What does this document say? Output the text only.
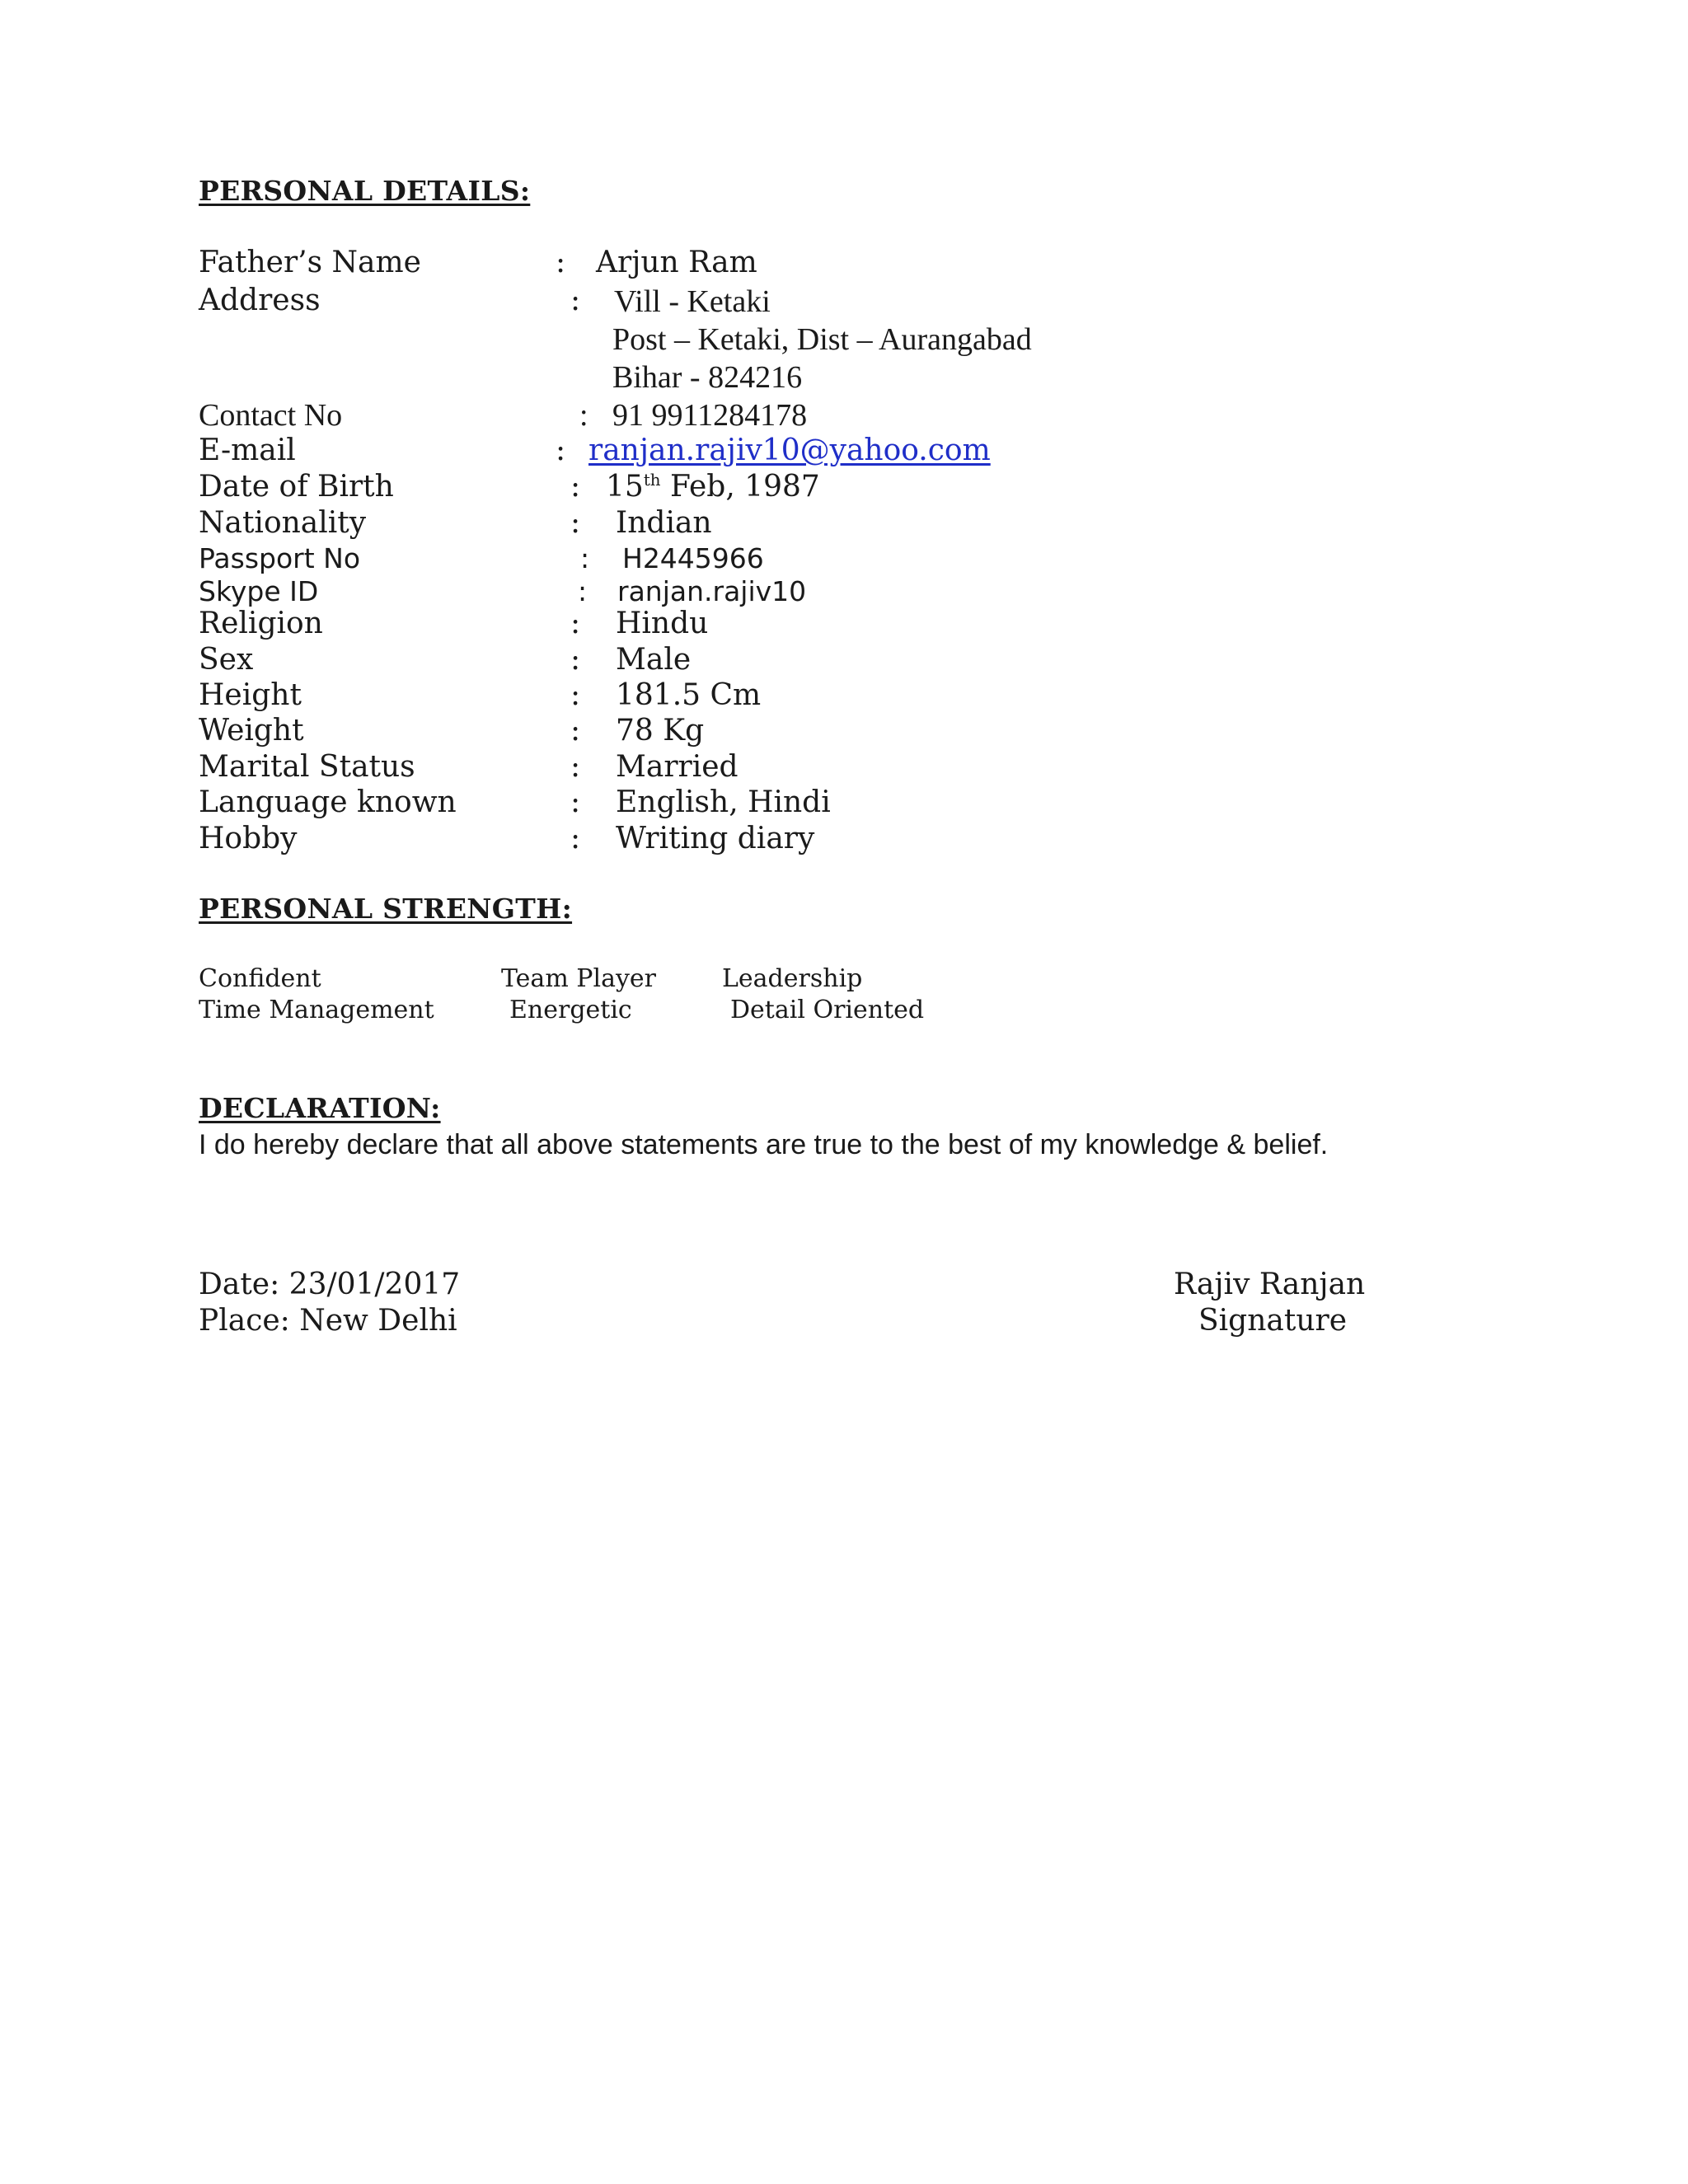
PERSONAL DETAILS:
Father’s Name	: Arjun Ram
Address	: Vill - Ketaki
Post – Ketaki, Dist – Aurangabad
Bihar - 824216
Contact No	: 91 9911284178
E-mail	: ranjan.rajiv10@yahoo.com
Date of Birth	: 15th Feb, 1987
Nationality	: Indian
Passport No	: H2445966
Skype ID	: ranjan.rajiv10
Religion	: Hindu
Sex	: Male
Height	: 181.5 Cm
Weight	: 78 Kg
Marital Status	: Married
Language known	: English, Hindi
Hobby	: Writing diary
PERSONAL STRENGTH:
Confident	Team Player	Leadership
Time Management	Energetic	Detail Oriented
DECLARATION:

I do hereby declare that all above statements are true to the best of my knowledge & belief.

Date: 23/01/2017
Place: New Delhi
Rajiv Ranjan
Signature
